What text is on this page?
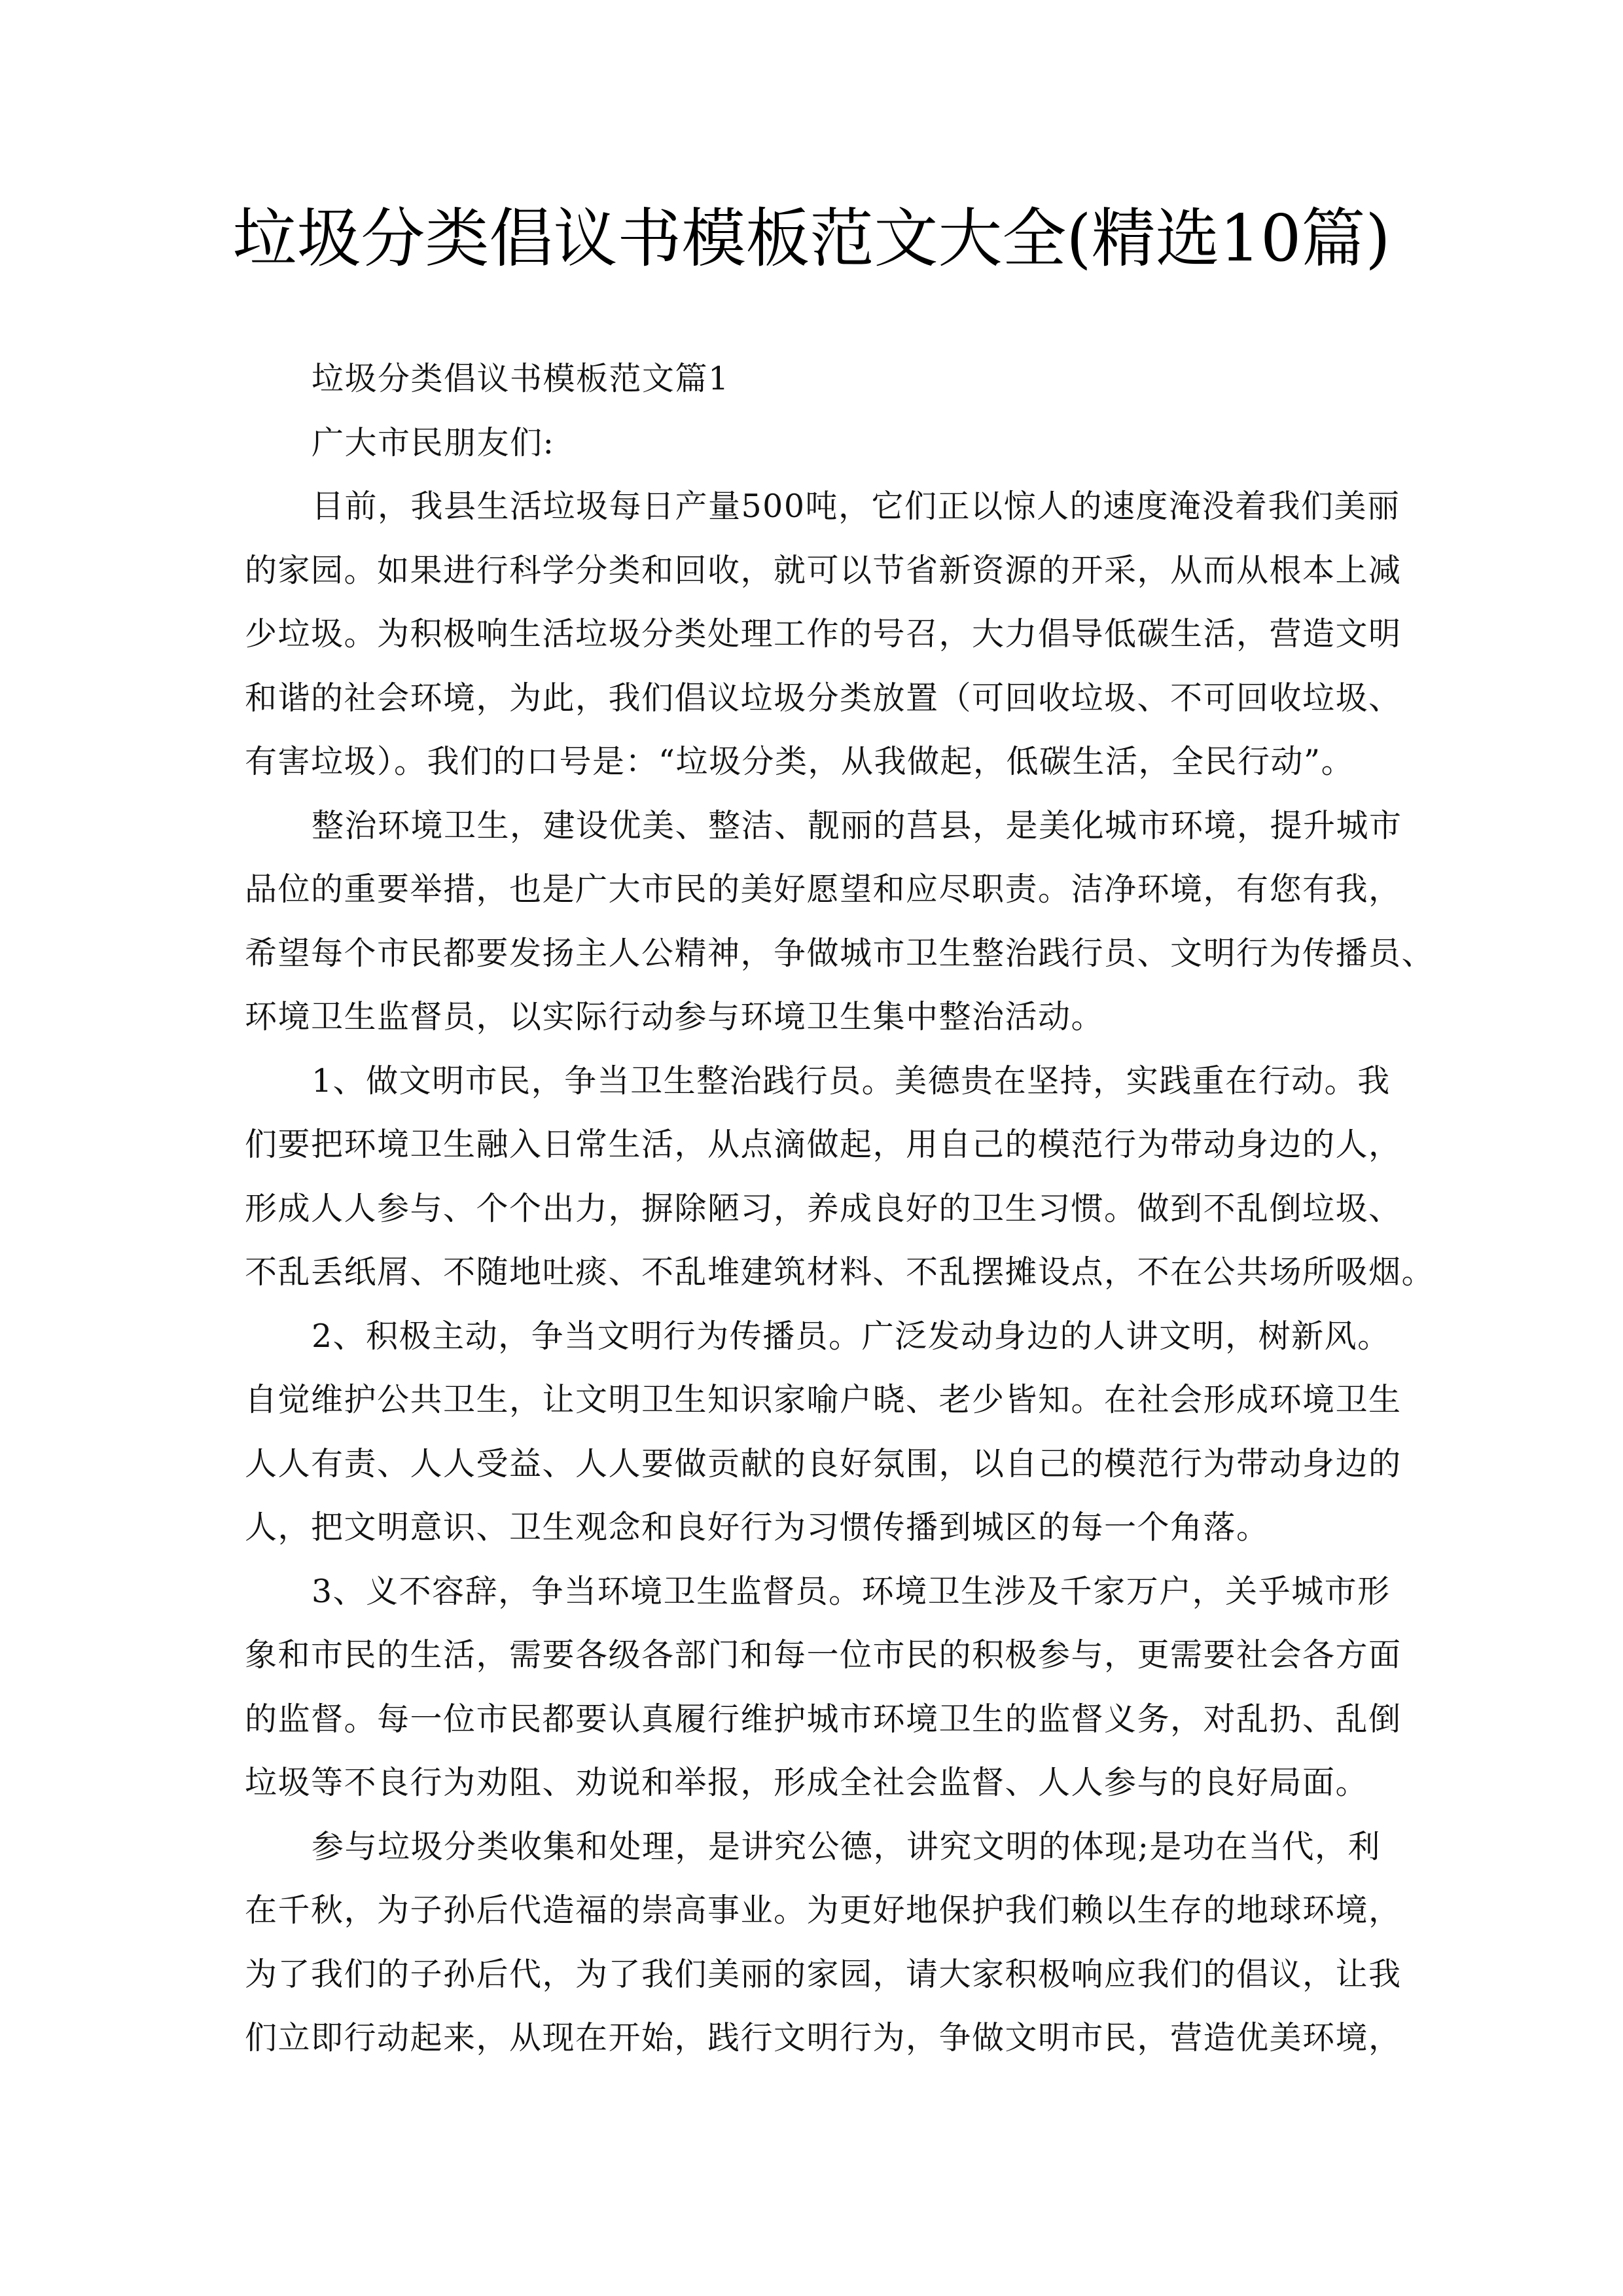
垃圾分类倡议书模板范文大全(精选10篇)
垃圾分类倡议书模板范文篇1
广大市民朋友们:
目前，我县生活垃圾每日产量500吨，它们正以惊人的速度淹没着我们美丽
的家园。如果进行科学分类和回收，就可以节省新资源的开采，从而从根本上减
少垃圾。为积极响生活垃圾分类处理工作的号召，大力倡导低碳生活，营造文明
和谐的社会环境，为此，我们倡议垃圾分类放置（可回收垃圾、不可回收垃圾、
有害垃圾）。我们的口号是：“垃圾分类，从我做起，低碳生活，全民行动”。
整治环境卫生，建设优美、整洁、靓丽的莒县，是美化城市环境，提升城市
品位的重要举措，也是广大市民的美好愿望和应尽职责。洁净环境，有您有我，
希望每个市民都要发扬主人公精神，争做城市卫生整治践行员、文明行为传播员、
环境卫生监督员，以实际行动参与环境卫生集中整治活动。
1、做文明市民，争当卫生整治践行员。美德贵在坚持，实践重在行动。我
们要把环境卫生融入日常生活，从点滴做起，用自己的模范行为带动身边的人，
形成人人参与、个个出力，摒除陋习，养成良好的卫生习惯。做到不乱倒垃圾、
不乱丢纸屑、不随地吐痰、不乱堆建筑材料、不乱摆摊设点，不在公共场所吸烟。
2、积极主动，争当文明行为传播员。广泛发动身边的人讲文明，树新风。
自觉维护公共卫生，让文明卫生知识家喻户晓、老少皆知。在社会形成环境卫生
人人有责、人人受益、人人要做贡献的良好氛围，以自己的模范行为带动身边的
人，把文明意识、卫生观念和良好行为习惯传播到城区的每一个角落。
3、义不容辞，争当环境卫生监督员。环境卫生涉及千家万户，关乎城市形
象和市民的生活，需要各级各部门和每一位市民的积极参与，更需要社会各方面
的监督。每一位市民都要认真履行维护城市环境卫生的监督义务，对乱扔、乱倒
垃圾等不良行为劝阻、劝说和举报，形成全社会监督、人人参与的良好局面。
参与垃圾分类收集和处理，是讲究公德，讲究文明的体现;是功在当代，利
在千秋，为子孙后代造福的崇高事业。为更好地保护我们赖以生存的地球环境，
为了我们的子孙后代，为了我们美丽的家园，请大家积极响应我们的倡议，让我
们立即行动起来，从现在开始，践行文明行为，争做文明市民，营造优美环境，
